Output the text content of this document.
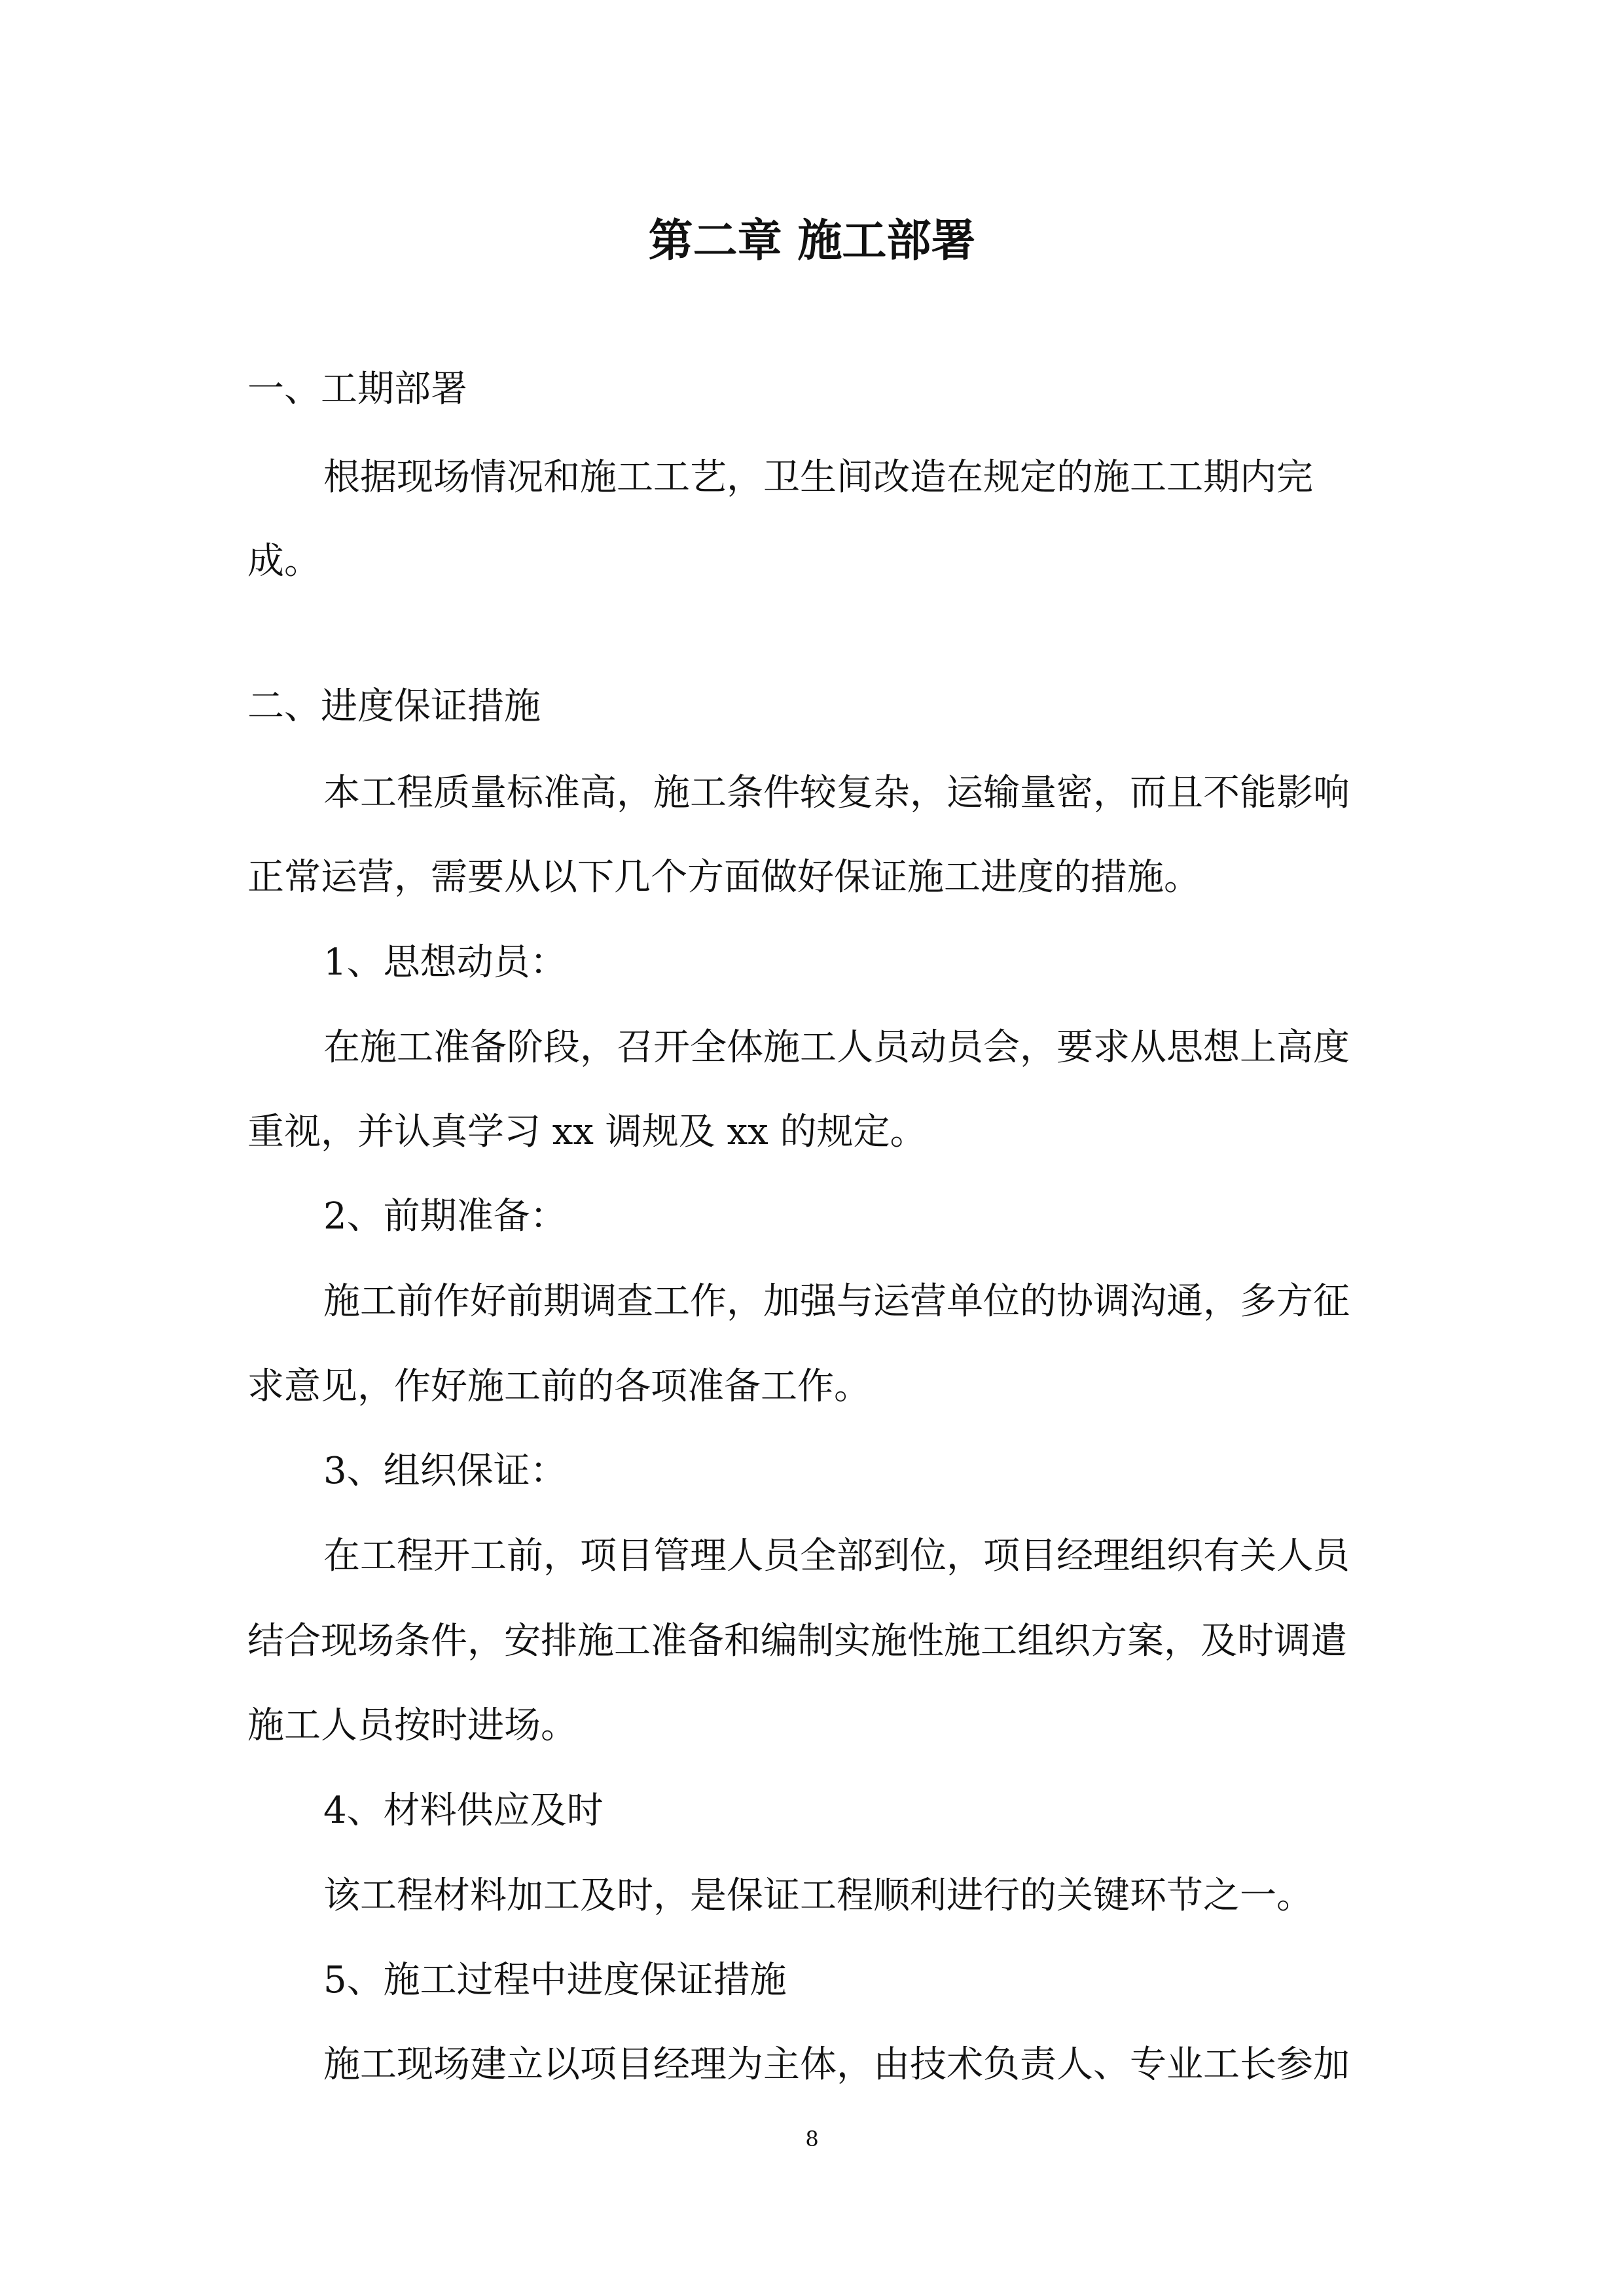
第二章 施工部署
一、工期部署
根据现场情况和施工工艺，卫生间改造在规定的施工工期内完
成。
二、进度保证措施
本工程质量标准高，施工条件较复杂，运输量密，而且不能影响
正常运营，需要从以下几个方面做好保证施工进度的措施。
1、思想动员：
在施工准备阶段，召开全体施工人员动员会，要求从思想上高度
重视，并认真学习 xx 调规及 xx 的规定。
2、前期准备：
施工前作好前期调查工作，加强与运营单位的协调沟通，多方征
求意见，作好施工前的各项准备工作。
3、组织保证：
在工程开工前，项目管理人员全部到位，项目经理组织有关人员
结合现场条件，安排施工准备和编制实施性施工组织方案，及时调遣
施工人员按时进场。
4、材料供应及时
该工程材料加工及时，是保证工程顺利进行的关键环节之一。
5、施工过程中进度保证措施
施工现场建立以项目经理为主体，由技术负责人、专业工长参加
8
